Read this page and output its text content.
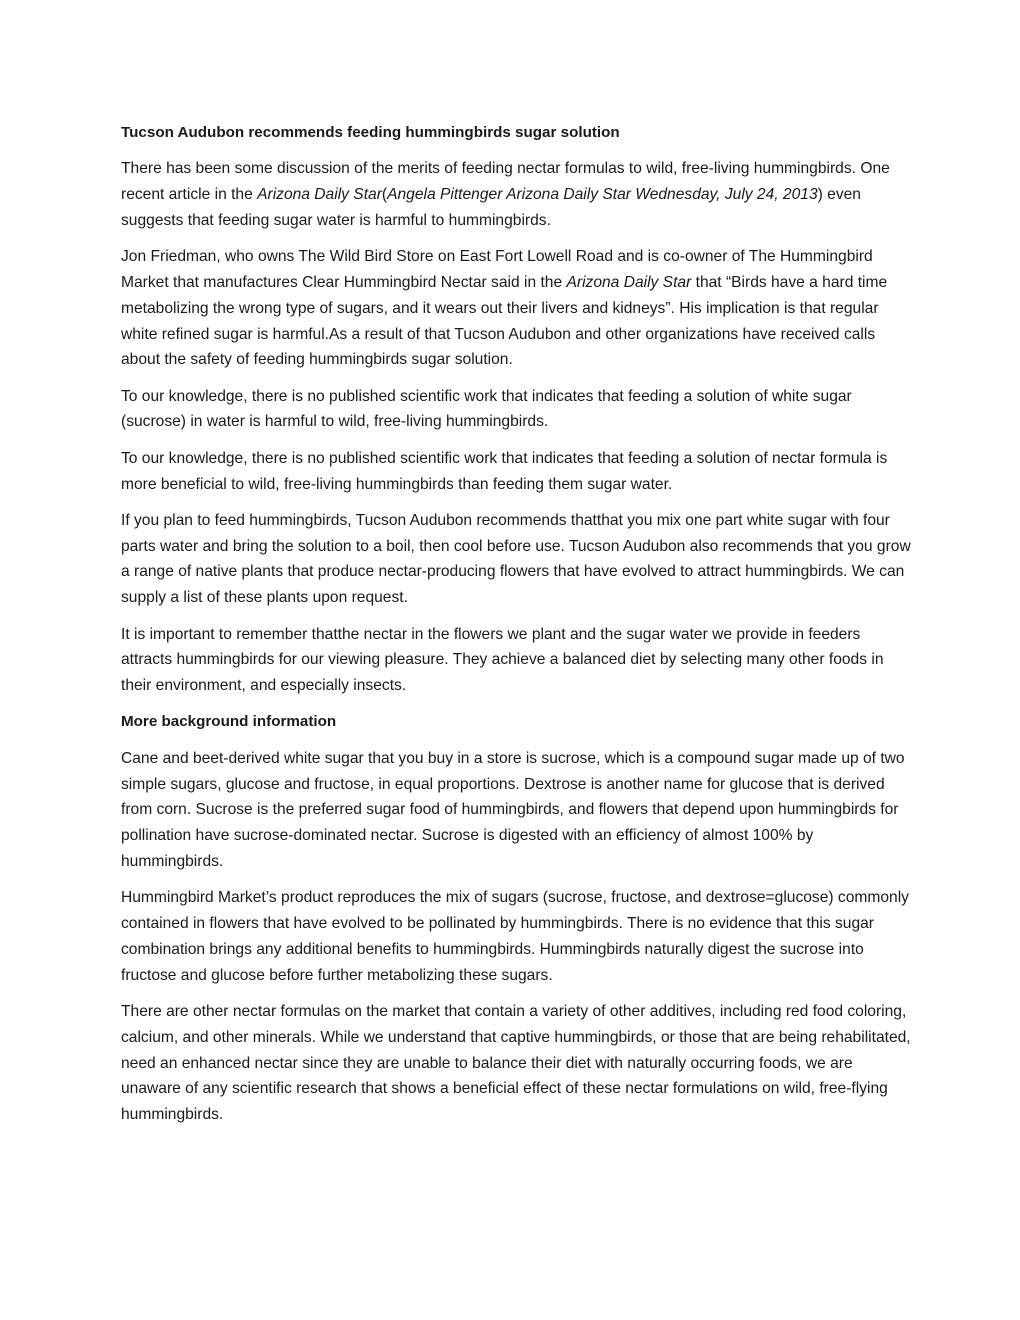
Tucson Audubon recommends feeding hummingbirds sugar solution

There has been some discussion of the merits of feeding nectar formulas to wild, free-living hummingbirds. One recent article in the Arizona Daily Star(Angela Pittenger Arizona Daily Star Wednesday, July 24, 2013) even suggests that feeding sugar water is harmful to hummingbirds.

Jon Friedman, who owns The Wild Bird Store on East Fort Lowell Road and is co-owner of The Hummingbird Market that manufactures Clear Hummingbird Nectar said in the Arizona Daily Star that “Birds have a hard time metabolizing the wrong type of sugars, and it wears out their livers and kidneys”. His implication is that regular white refined sugar is harmful.As a result of that Tucson Audubon and other organizations have received calls about the safety of feeding hummingbirds sugar solution.

To our knowledge, there is no published scientific work that indicates that feeding a solution of white sugar (sucrose) in water is harmful to wild, free-living hummingbirds.

To our knowledge, there is no published scientific work that indicates that feeding a solution of nectar formula is more beneficial to wild, free-living hummingbirds than feeding them sugar water.

If you plan to feed hummingbirds, Tucson Audubon recommends thatthat you mix one part white sugar with four parts water and bring the solution to a boil, then cool before use. Tucson Audubon also recommends that you grow a range of native plants that produce nectar-producing flowers that have evolved to attract hummingbirds. We can supply a list of these plants upon request.

It is important to remember thatthe nectar in the flowers we plant and the sugar water we provide in feeders attracts hummingbirds for our viewing pleasure. They achieve a balanced diet by selecting many other foods in their environment, and especially insects.

More background information

Cane and beet-derived white sugar that you buy in a store is sucrose, which is a compound sugar made up of two simple sugars, glucose and fructose, in equal proportions. Dextrose is another name for glucose that is derived from corn. Sucrose is the preferred sugar food of hummingbirds, and flowers that depend upon hummingbirds for pollination have sucrose-dominated nectar. Sucrose is digested with an efficiency of almost 100% by hummingbirds.

Hummingbird Market’s product reproduces the mix of sugars (sucrose, fructose, and dextrose=glucose) commonly contained in flowers that have evolved to be pollinated by hummingbirds. There is no evidence that this sugar combination brings any additional benefits to hummingbirds. Hummingbirds naturally digest the sucrose into fructose and glucose before further metabolizing these sugars.

There are other nectar formulas on the market that contain a variety of other additives, including red food coloring, calcium, and other minerals. While we understand that captive hummingbirds, or those that are being rehabilitated, need an enhanced nectar since they are unable to balance their diet with naturally occurring foods, we are unaware of any scientific research that shows a beneficial effect of these nectar formulations on wild, free-flying hummingbirds.
